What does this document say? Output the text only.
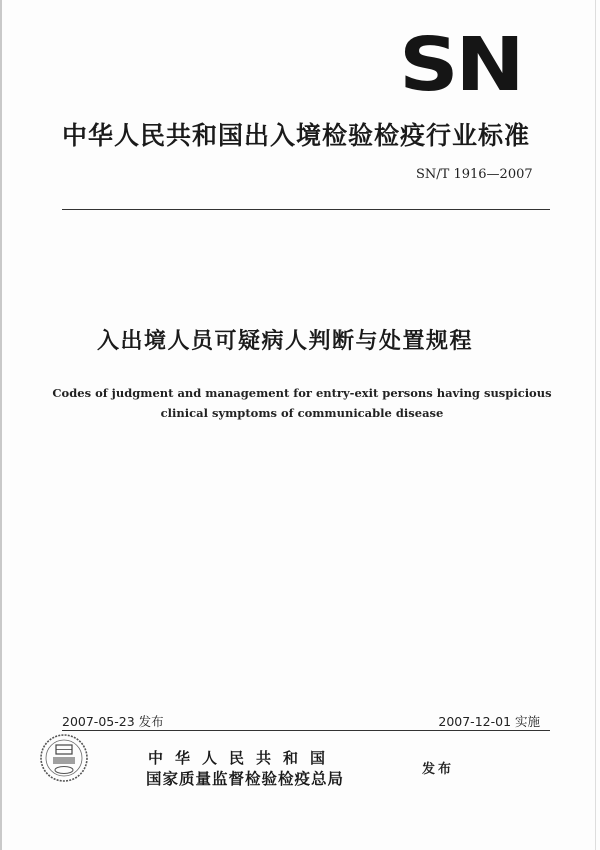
SN
中华人民共和国出入境检验检疫行业标准
SN/T 1916—2007
入出境人员可疑病人判断与处置规程
Codes of judgment and management for entry-exit persons having suspicious
clinical symptoms of communicable disease
2007-05-23 发布	2007-12-01 实施
中华人民共和国
国家质量监督检验检疫总局
发布
